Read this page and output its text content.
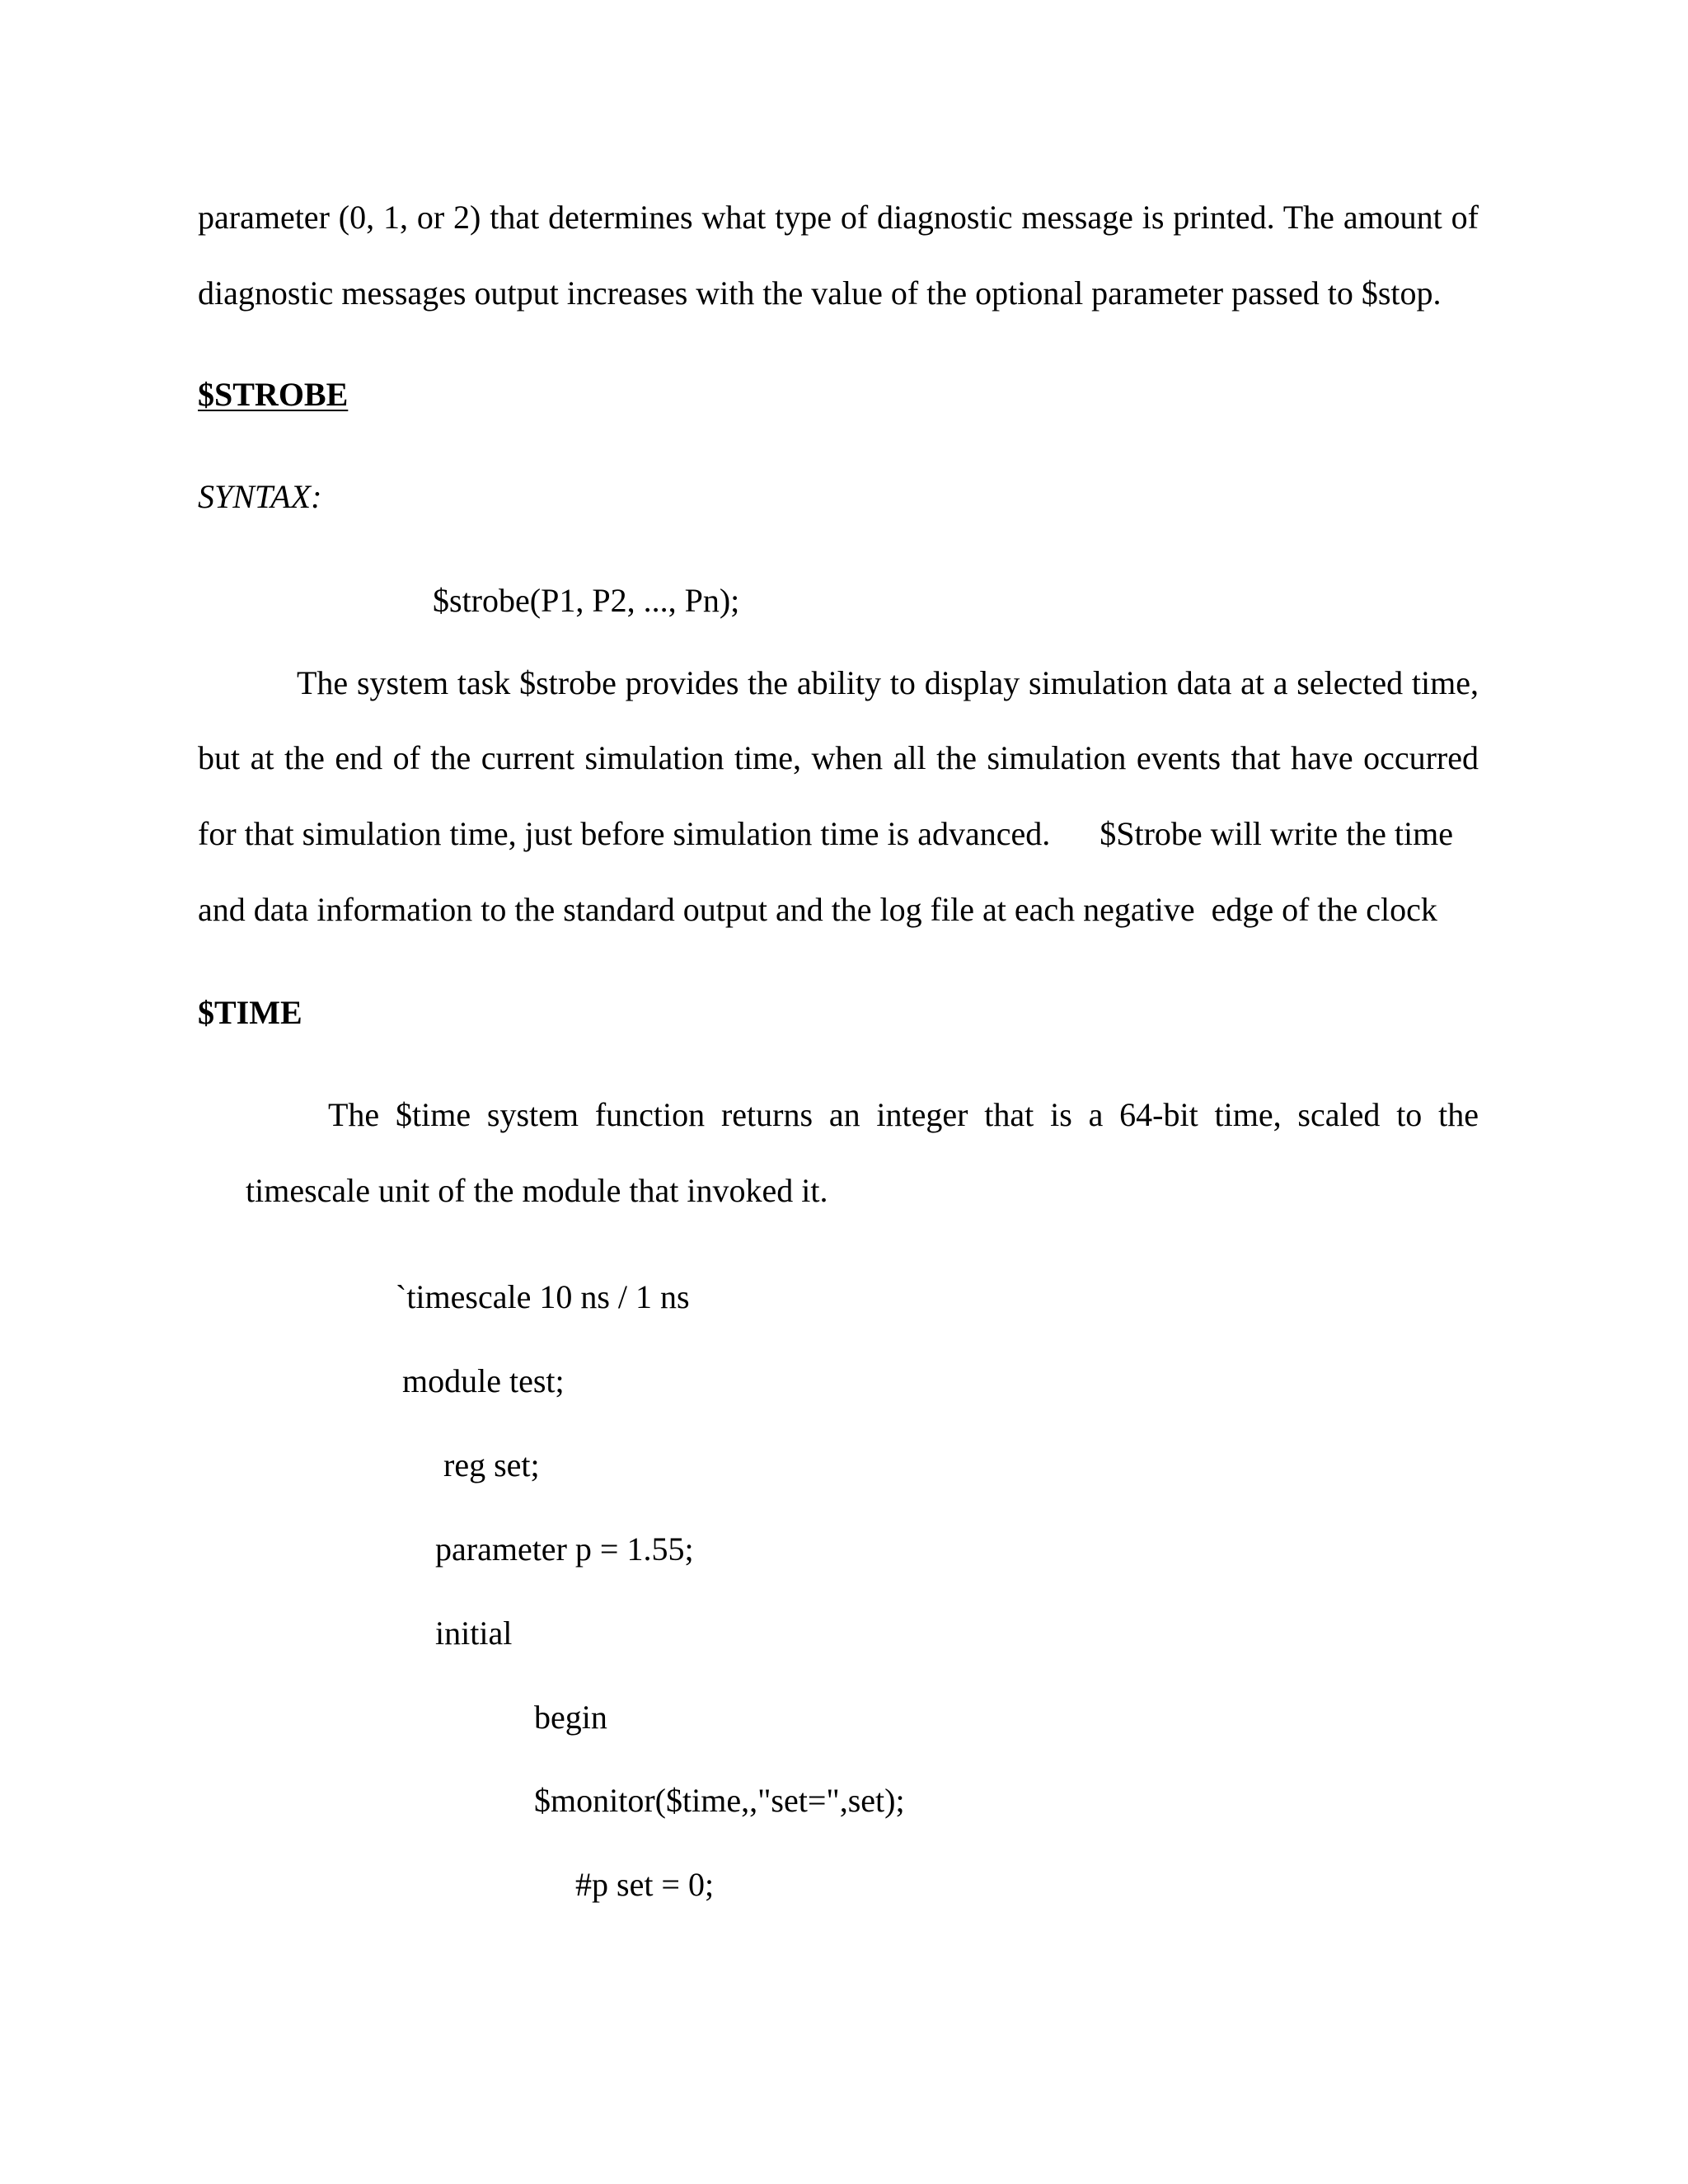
parameter (0, 1, or 2) that determines what type of diagnostic message is printed. The amount of
diagnostic messages output increases with the value of the optional parameter passed to $stop.
$STROBE
SYNTAX:
$strobe(P1, P2, ..., Pn);
The system task $strobe provides the ability to display simulation data at a selected time,
but at the end of the current simulation time, when all the simulation events that have occurred
for that simulation time, just before simulation time is advanced.      $Strobe will write the time
and data information to the standard output and the log file at each negative  edge of the clock
$TIME
The $time system function returns an integer that is a 64-bit time, scaled to the
timescale unit of the module that invoked it.
`timescale 10 ns / 1 ns
module test;
reg set;
parameter p = 1.55;
initial
begin
$monitor($time,,"set=",set);
#p set = 0;
